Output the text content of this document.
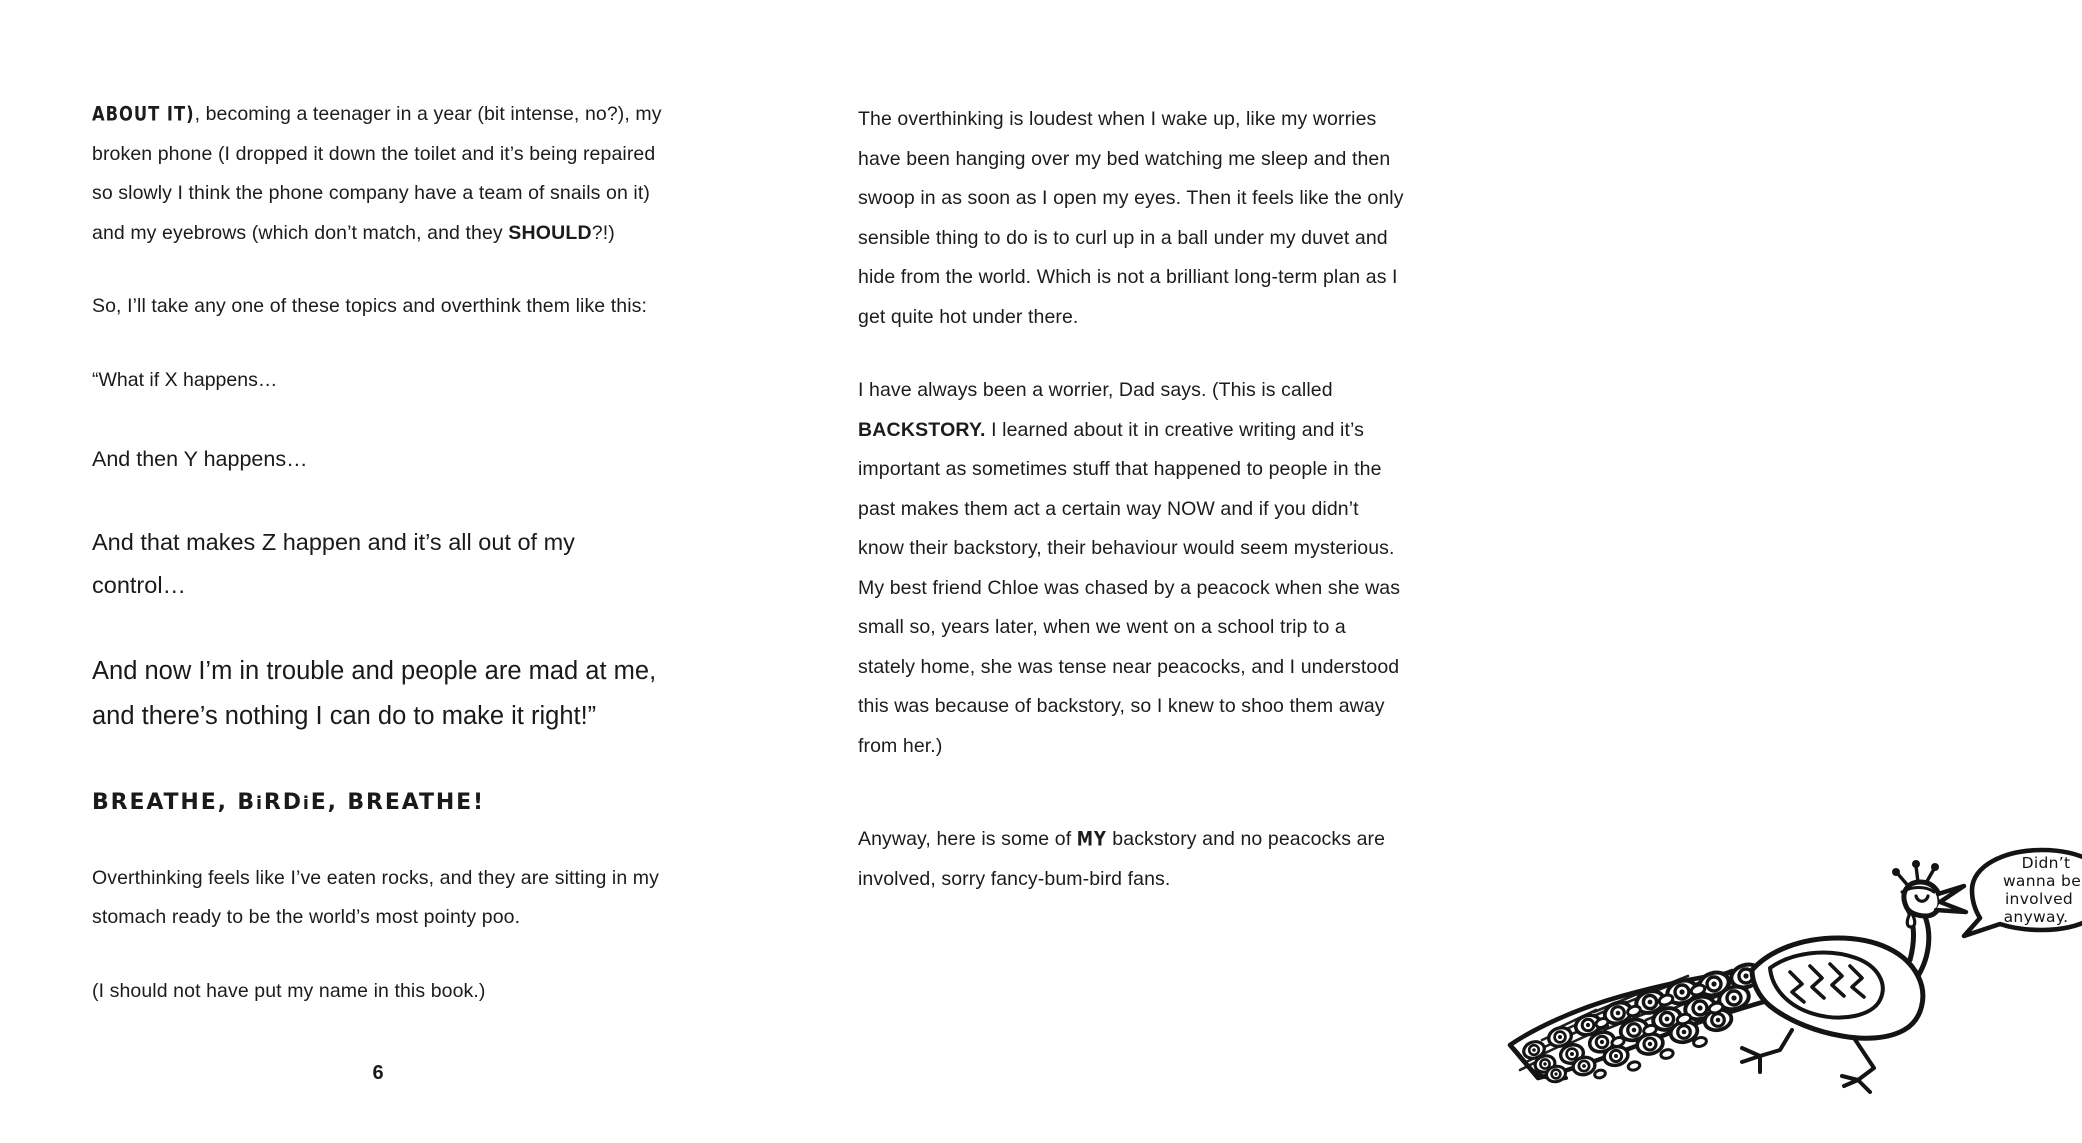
ABOUT IT), becoming a teenager in a year (bit intense, no?), my broken phone (I dropped it down the toilet and it’s being repaired so slowly I think the phone company have a team of snails on it) and my eyebrows (which don’t match, and they SHOULD?!)

So, I’ll take any one of these topics and overthink them like this:

“What if X happens…

And then Y happens…

And that makes Z happen and it’s all out of my control…

And now I’m in trouble and people are mad at me, and there’s nothing I can do to make it right!”

BREATHE, BiRDiE, BREATHE!

Overthinking feels like I’ve eaten rocks, and they are sitting in my stomach ready to be the world’s most pointy poo.

(I should not have put my name in this book.)

6

The overthinking is loudest when I wake up, like my worries have been hanging over my bed watching me sleep and then swoop in as soon as I open my eyes. Then it feels like the only sensible thing to do is to curl up in a ball under my duvet and hide from the world. Which is not a brilliant long-term plan as I get quite hot under there.

I have always been a worrier, Dad says. (This is called BACKSTORY. I learned about it in creative writing and it’s important as sometimes stuff that happened to people in the past makes them act a certain way NOW and if you didn’t know their backstory, their behaviour would seem mysterious. My best friend Chloe was chased by a peacock when she was small so, years later, when we went on a school trip to a stately home, she was tense near peacocks, and I understood this was because of backstory, so I knew to shoo them away from her.)

Anyway, here is some of MY backstory and no peacocks are involved, sorry fancy-bum-bird fans.

Didn’t
wanna be
involved
anyway.
